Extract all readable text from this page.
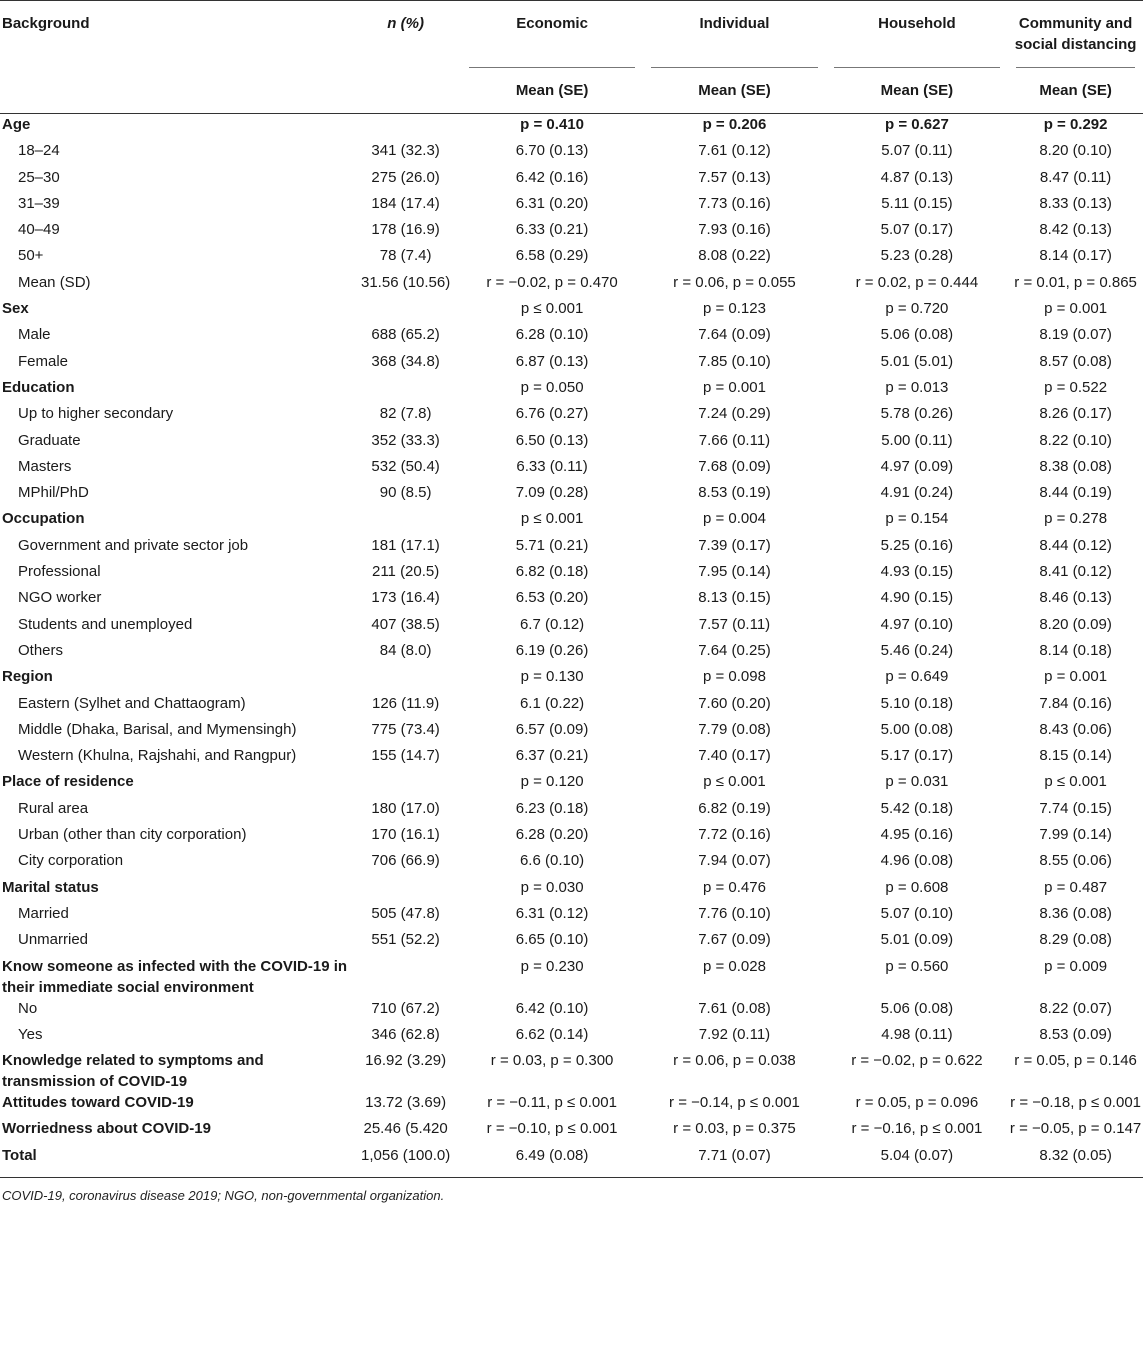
Background	n (%)	Economic	Individual	Household	Community and social distancing

		Mean (SE)	Mean (SE)	Mean (SE)	Mean (SE)

Age		p = 0.410	p = 0.206	p = 0.627	p = 0.292
18–24	341 (32.3)	6.70 (0.13)	7.61 (0.12)	5.07 (0.11)	8.20 (0.10)
25–30	275 (26.0)	6.42 (0.16)	7.57 (0.13)	4.87 (0.13)	8.47 (0.11)
31–39	184 (17.4)	6.31 (0.20)	7.73 (0.16)	5.11 (0.15)	8.33 (0.13)
40–49	178 (16.9)	6.33 (0.21)	7.93 (0.16)	5.07 (0.17)	8.42 (0.13)
50+	78 (7.4)	6.58 (0.29)	8.08 (0.22)	5.23 (0.28)	8.14 (0.17)
Mean (SD)	31.56 (10.56)	r = −0.02, p = 0.470	r = 0.06, p = 0.055	r = 0.02, p = 0.444	r = 0.01, p = 0.865
Sex		p ≤ 0.001	p = 0.123	p = 0.720	p = 0.001
Male	688 (65.2)	6.28 (0.10)	7.64 (0.09)	5.06 (0.08)	8.19 (0.07)
Female	368 (34.8)	6.87 (0.13)	7.85 (0.10)	5.01 (5.01)	8.57 (0.08)
Education		p = 0.050	p = 0.001	p = 0.013	p = 0.522
Up to higher secondary	82 (7.8)	6.76 (0.27)	7.24 (0.29)	5.78 (0.26)	8.26 (0.17)
Graduate	352 (33.3)	6.50 (0.13)	7.66 (0.11)	5.00 (0.11)	8.22 (0.10)
Masters	532 (50.4)	6.33 (0.11)	7.68 (0.09)	4.97 (0.09)	8.38 (0.08)
MPhil/PhD	90 (8.5)	7.09 (0.28)	8.53 (0.19)	4.91 (0.24)	8.44 (0.19)
Occupation		p ≤ 0.001	p = 0.004	p = 0.154	p = 0.278
Government and private sector job	181 (17.1)	5.71 (0.21)	7.39 (0.17)	5.25 (0.16)	8.44 (0.12)
Professional	211 (20.5)	6.82 (0.18)	7.95 (0.14)	4.93 (0.15)	8.41 (0.12)
NGO worker	173 (16.4)	6.53 (0.20)	8.13 (0.15)	4.90 (0.15)	8.46 (0.13)
Students and unemployed	407 (38.5)	6.7 (0.12)	7.57 (0.11)	4.97 (0.10)	8.20 (0.09)
Others	84 (8.0)	6.19 (0.26)	7.64 (0.25)	5.46 (0.24)	8.14 (0.18)
Region		p = 0.130	p = 0.098	p = 0.649	p = 0.001
Eastern (Sylhet and Chattaogram)	126 (11.9)	6.1 (0.22)	7.60 (0.20)	5.10 (0.18)	7.84 (0.16)
Middle (Dhaka, Barisal, and Mymensingh)	775 (73.4)	6.57 (0.09)	7.79 (0.08)	5.00 (0.08)	8.43 (0.06)
Western (Khulna, Rajshahi, and Rangpur)	155 (14.7)	6.37 (0.21)	7.40 (0.17)	5.17 (0.17)	8.15 (0.14)
Place of residence		p = 0.120	p ≤ 0.001	p = 0.031	p ≤ 0.001
Rural area	180 (17.0)	6.23 (0.18)	6.82 (0.19)	5.42 (0.18)	7.74 (0.15)
Urban (other than city corporation)	170 (16.1)	6.28 (0.20)	7.72 (0.16)	4.95 (0.16)	7.99 (0.14)
City corporation	706 (66.9)	6.6 (0.10)	7.94 (0.07)	4.96 (0.08)	8.55 (0.06)
Marital status		p = 0.030	p = 0.476	p = 0.608	p = 0.487
Married	505 (47.8)	6.31 (0.12)	7.76 (0.10)	5.07 (0.10)	8.36 (0.08)
Unmarried	551 (52.2)	6.65 (0.10)	7.67 (0.09)	5.01 (0.09)	8.29 (0.08)
Know someone as infected with the COVID-19 in their immediate social environment		p = 0.230	p = 0.028	p = 0.560	p = 0.009
No	710 (67.2)	6.42 (0.10)	7.61 (0.08)	5.06 (0.08)	8.22 (0.07)
Yes	346 (62.8)	6.62 (0.14)	7.92 (0.11)	4.98 (0.11)	8.53 (0.09)
Knowledge related to symptoms and transmission of COVID-19	16.92 (3.29)	r = 0.03, p = 0.300	r = 0.06, p = 0.038	r = −0.02, p = 0.622	r = 0.05, p = 0.146
Attitudes toward COVID-19	13.72 (3.69)	r = −0.11, p ≤ 0.001	r = −0.14, p ≤ 0.001	r = 0.05, p = 0.096	r = −0.18, p ≤ 0.001
Worriedness about COVID-19	25.46 (5.420	r = −0.10, p ≤ 0.001	r = 0.03, p = 0.375	r = −0.16, p ≤ 0.001	r = −0.05, p = 0.147
Total	1,056 (100.0)	6.49 (0.08)	7.71 (0.07)	5.04 (0.07)	8.32 (0.05)
COVID-19, coronavirus disease 2019; NGO, non-governmental organization.
